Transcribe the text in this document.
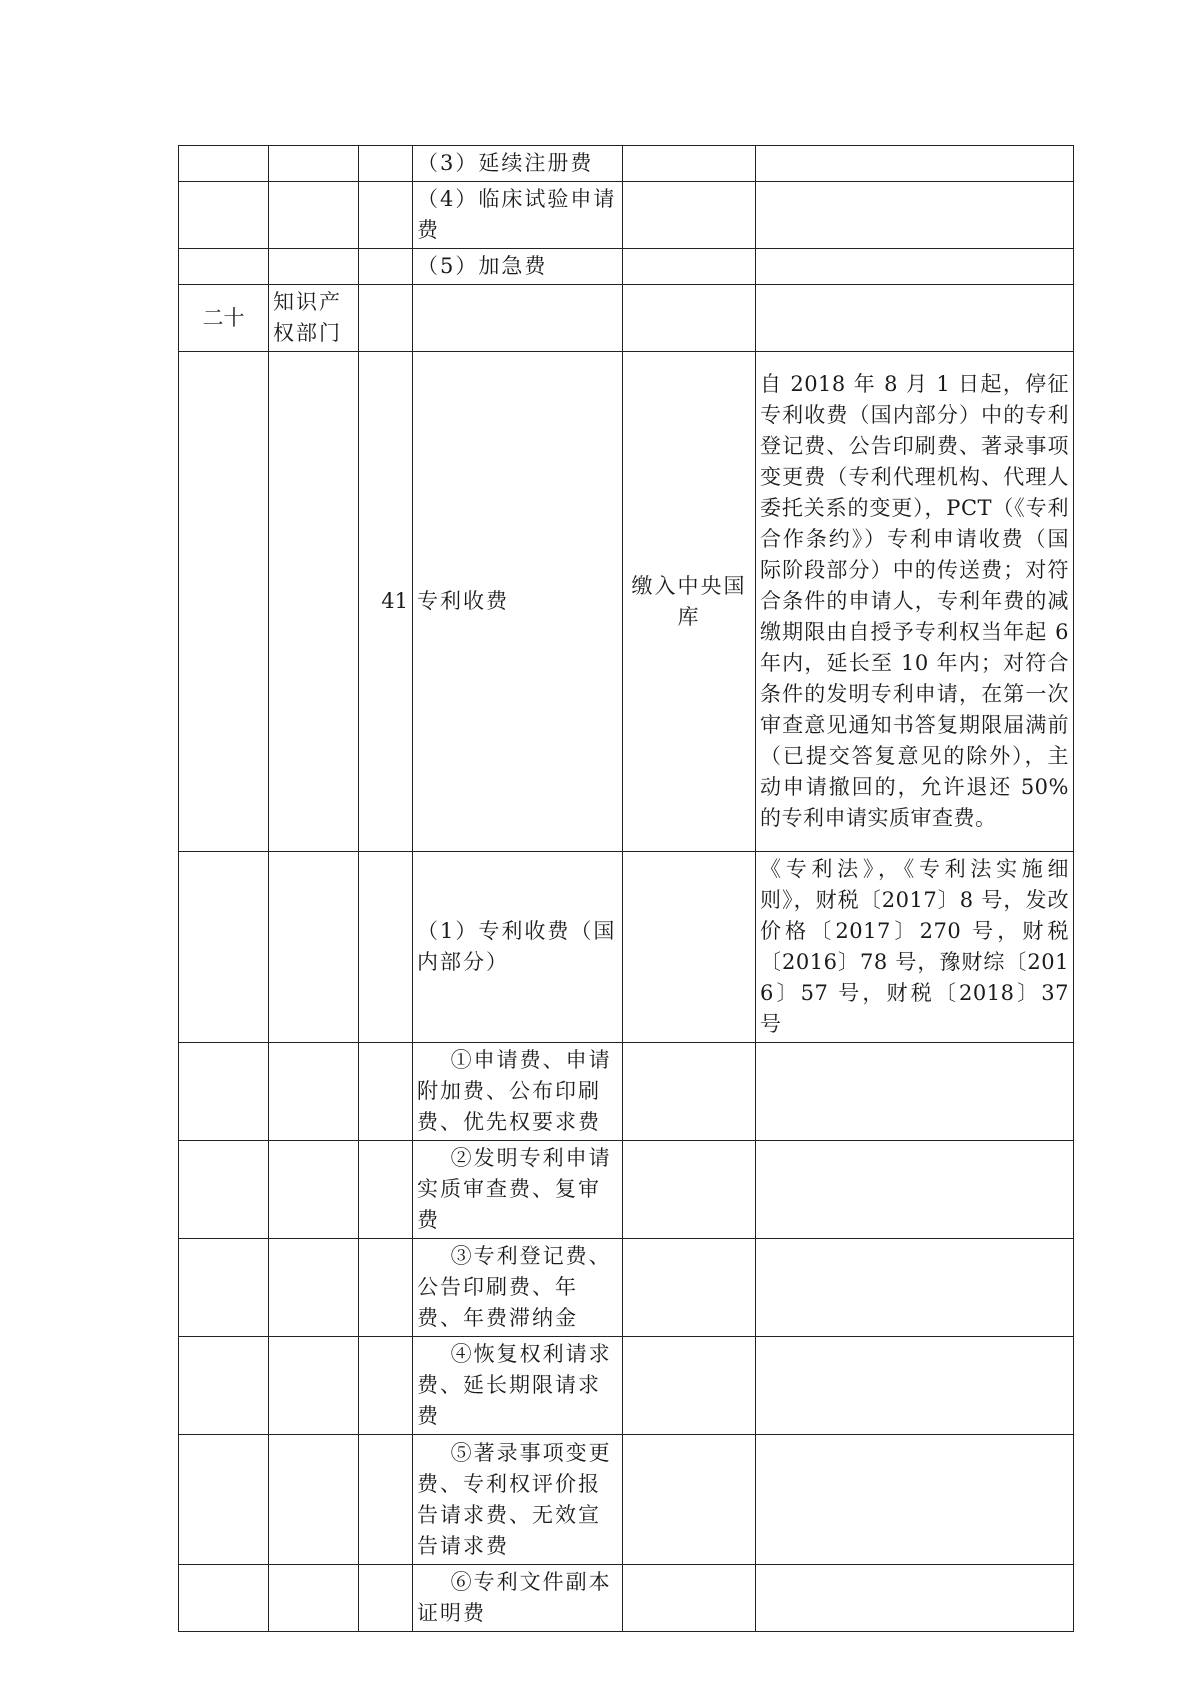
			（3）延续注册费		
			（4）临床试验申请费		
			（5）加急费		
二十	知识产权部门				
		41	专利收费	缴入中央国库	自 2018 年 8 月 1 日起，停征专利收费（国内部分）中的专利登记费、公告印刷费、著录事项变更费（专利代理机构、代理人委托关系的变更），PCT（《专利合作条约》）专利申请收费（国际阶段部分）中的传送费；对符合条件的申请人，专利年费的减缴期限由自授予专利权当年起 6 年内，延长至 10 年内；对符合条件的发明专利申请，在第一次审查意见通知书答复期限届满前（已提交答复意见的除外），主动申请撤回的，允许退还 50%的专利申请实质审查费。
			（1）专利收费（国内部分）		《专利法》，《专利法实施细则》，财税〔2017〕8 号，发改价格〔2017〕270 号，财税〔2016〕78 号，豫财综〔2016〕57 号，财税〔2018〕37 号
			①申请费、申请附加费、公布印刷费、优先权要求费		
			②发明专利申请实质审查费、复审费		
			③专利登记费、公告印刷费、年费、年费滞纳金		
			④恢复权利请求费、延长期限请求费		
			⑤著录事项变更费、专利权评价报告请求费、无效宣告请求费		
			⑥专利文件副本证明费		
